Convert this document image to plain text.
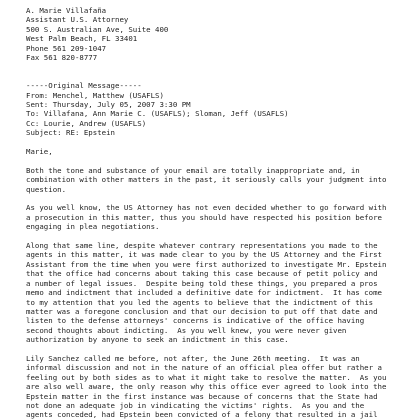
A. Marie Villafaña
Assistant U.S. Attorney
500 S. Australian Ave, Suite 400
West Palm Beach, FL 33401
Phone 561 209-1047
Fax 561 820-8777
-----Original Message-----
From: Menchel, Matthew (USAFLS)
Sent: Thursday, July 05, 2007 3:30 PM
To: Villafana, Ann Marie C. (USAFLS); Sloman, Jeff (USAFLS)
Cc: Lourie, Andrew (USAFLS)
Subject: RE: Epstein
Marie,
Both the tone and substance of your email are totally inappropriate and, in
combination with other matters in the past, it seriously calls your judgment into
question.
As you well know, the US Attorney has not even decided whether to go forward with
a prosecution in this matter, thus you should have respected his position before
engaging in plea negotiations.
Along that same line, despite whatever contrary representations you made to the
agents in this matter, it was made clear to you by the US Attorney and the First
Assistant from the time when you were first authorized to investigate Mr. Epstein
that the office had concerns about taking this case because of petit policy and
a number of legal issues.  Despite being told these things, you prepared a pros
memo and indictment that included a definitive date for indictment.  It has come
to my attention that you led the agents to believe that the indictment of this
matter was a foregone conclusion and that our decision to put off that date and
listen to the defense attorneys' concerns is indicative of the office having
second thoughts about indicting.  As you well knew, you were never given
authorization by anyone to seek an indictment in this case.
Lily Sanchez called me before, not after, the June 26th meeting.  It was an
informal discussion and not in the nature of an official plea offer but rather a
feeling out by both sides as to what it might take to resolve the matter.  As you
are also well aware, the only reason why this office ever agreed to look into the
Epstein matter in the first instance was because of concerns that the State had
not done an adequate job in vindicating the victims' rights.  As you and the
agents conceded, had Epstein been convicted of a felony that resulted in a jail
